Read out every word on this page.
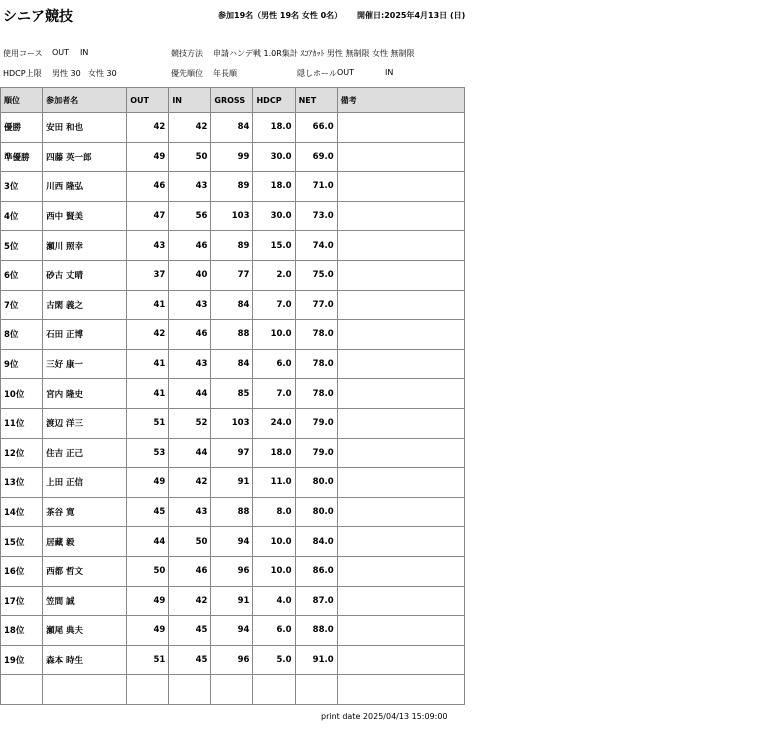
シニア競技	参加19名（男性 19名 女性 0名） 開催日:2025年4月13日 (日)
使用コース OUT IN	競技方法 申請ハンデ戦 1.0R集計 ｽｺｱｶｯﾄ 男性 無制限 女性 無制限
HDCP上限 男性 30 女性 30	優先順位 年長順	隠しホール OUT	IN
順位	参加者名	OUT	IN	GROSS	HDCP	NET	備考
優勝	安田 和也	42	42	84	18.0	66.0	
準優勝	四藤 英一郎	49	50	99	30.0	69.0	
3位	川西 隆弘	46	43	89	18.0	71.0	
4位	西中 賢美	47	56	103	30.0	73.0	
5位	瀬川 照幸	43	46	89	15.0	74.0	
6位	砂古 丈晴	37	40	77	2.0	75.0	
7位	古閑 義之	41	43	84	7.0	77.0	
8位	石田 正博	42	46	88	10.0	78.0	
9位	三好 康一	41	43	84	6.0	78.0	
10位	宮内 隆史	41	44	85	7.0	78.0	
11位	渡辺 洋三	51	52	103	24.0	79.0	
12位	住吉 正己	53	44	97	18.0	79.0	
13位	上田 正信	49	42	91	11.0	80.0	
14位	茶谷 寛	45	43	88	8.0	80.0	
15位	居藏 毅	44	50	94	10.0	84.0	
16位	西都 哲文	50	46	96	10.0	86.0	
17位	笠間 誠	49	42	91	4.0	87.0	
18位	瀬尾 典夫	49	45	94	6.0	88.0	
19位	森本 時生	51	45	96	5.0	91.0	

print date 2025/04/13 15:09:00
